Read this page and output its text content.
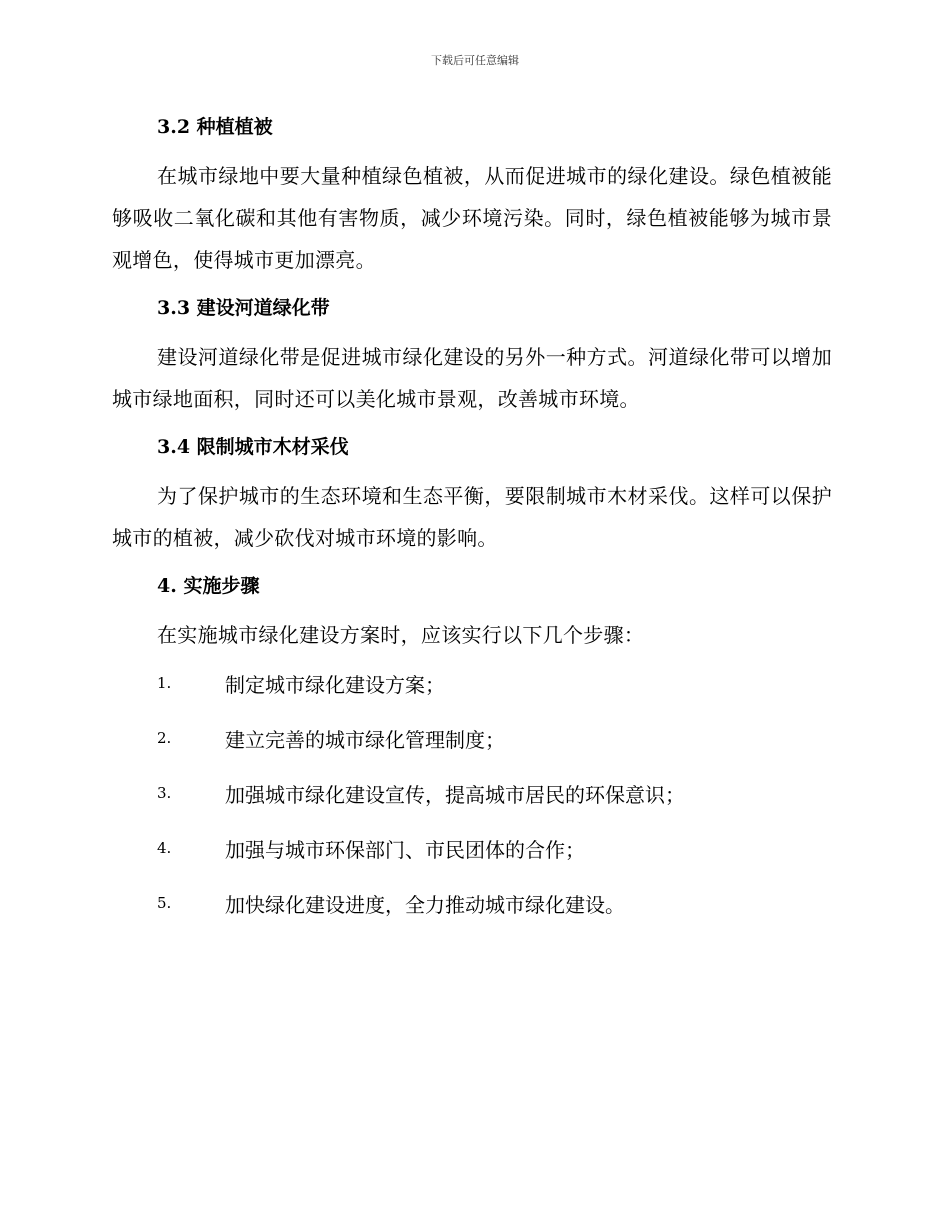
下载后可任意编辑
3.2 种植植被

在城市绿地中要大量种植绿色植被，从而促进城市的绿化建设。绿色植被能够吸收二氧化碳和其他有害物质，减少环境污染。同时，绿色植被能够为城市景观增色，使得城市更加漂亮。

3.3 建设河道绿化带

建设河道绿化带是促进城市绿化建设的另外一种方式。河道绿化带可以增加城市绿地面积，同时还可以美化城市景观，改善城市环境。

3.4 限制城市木材采伐

为了保护城市的生态环境和生态平衡，要限制城市木材采伐。这样可以保护城市的植被，减少砍伐对城市环境的影响。

4. 实施步骤

在实施城市绿化建设方案时，应该实行以下几个步骤：

1.	制定城市绿化建设方案；
2.	建立完善的城市绿化管理制度；
3.	加强城市绿化建设宣传，提高城市居民的环保意识；
4.	加强与城市环保部门、市民团体的合作；
5.	加快绿化建设进度，全力推动城市绿化建设。
